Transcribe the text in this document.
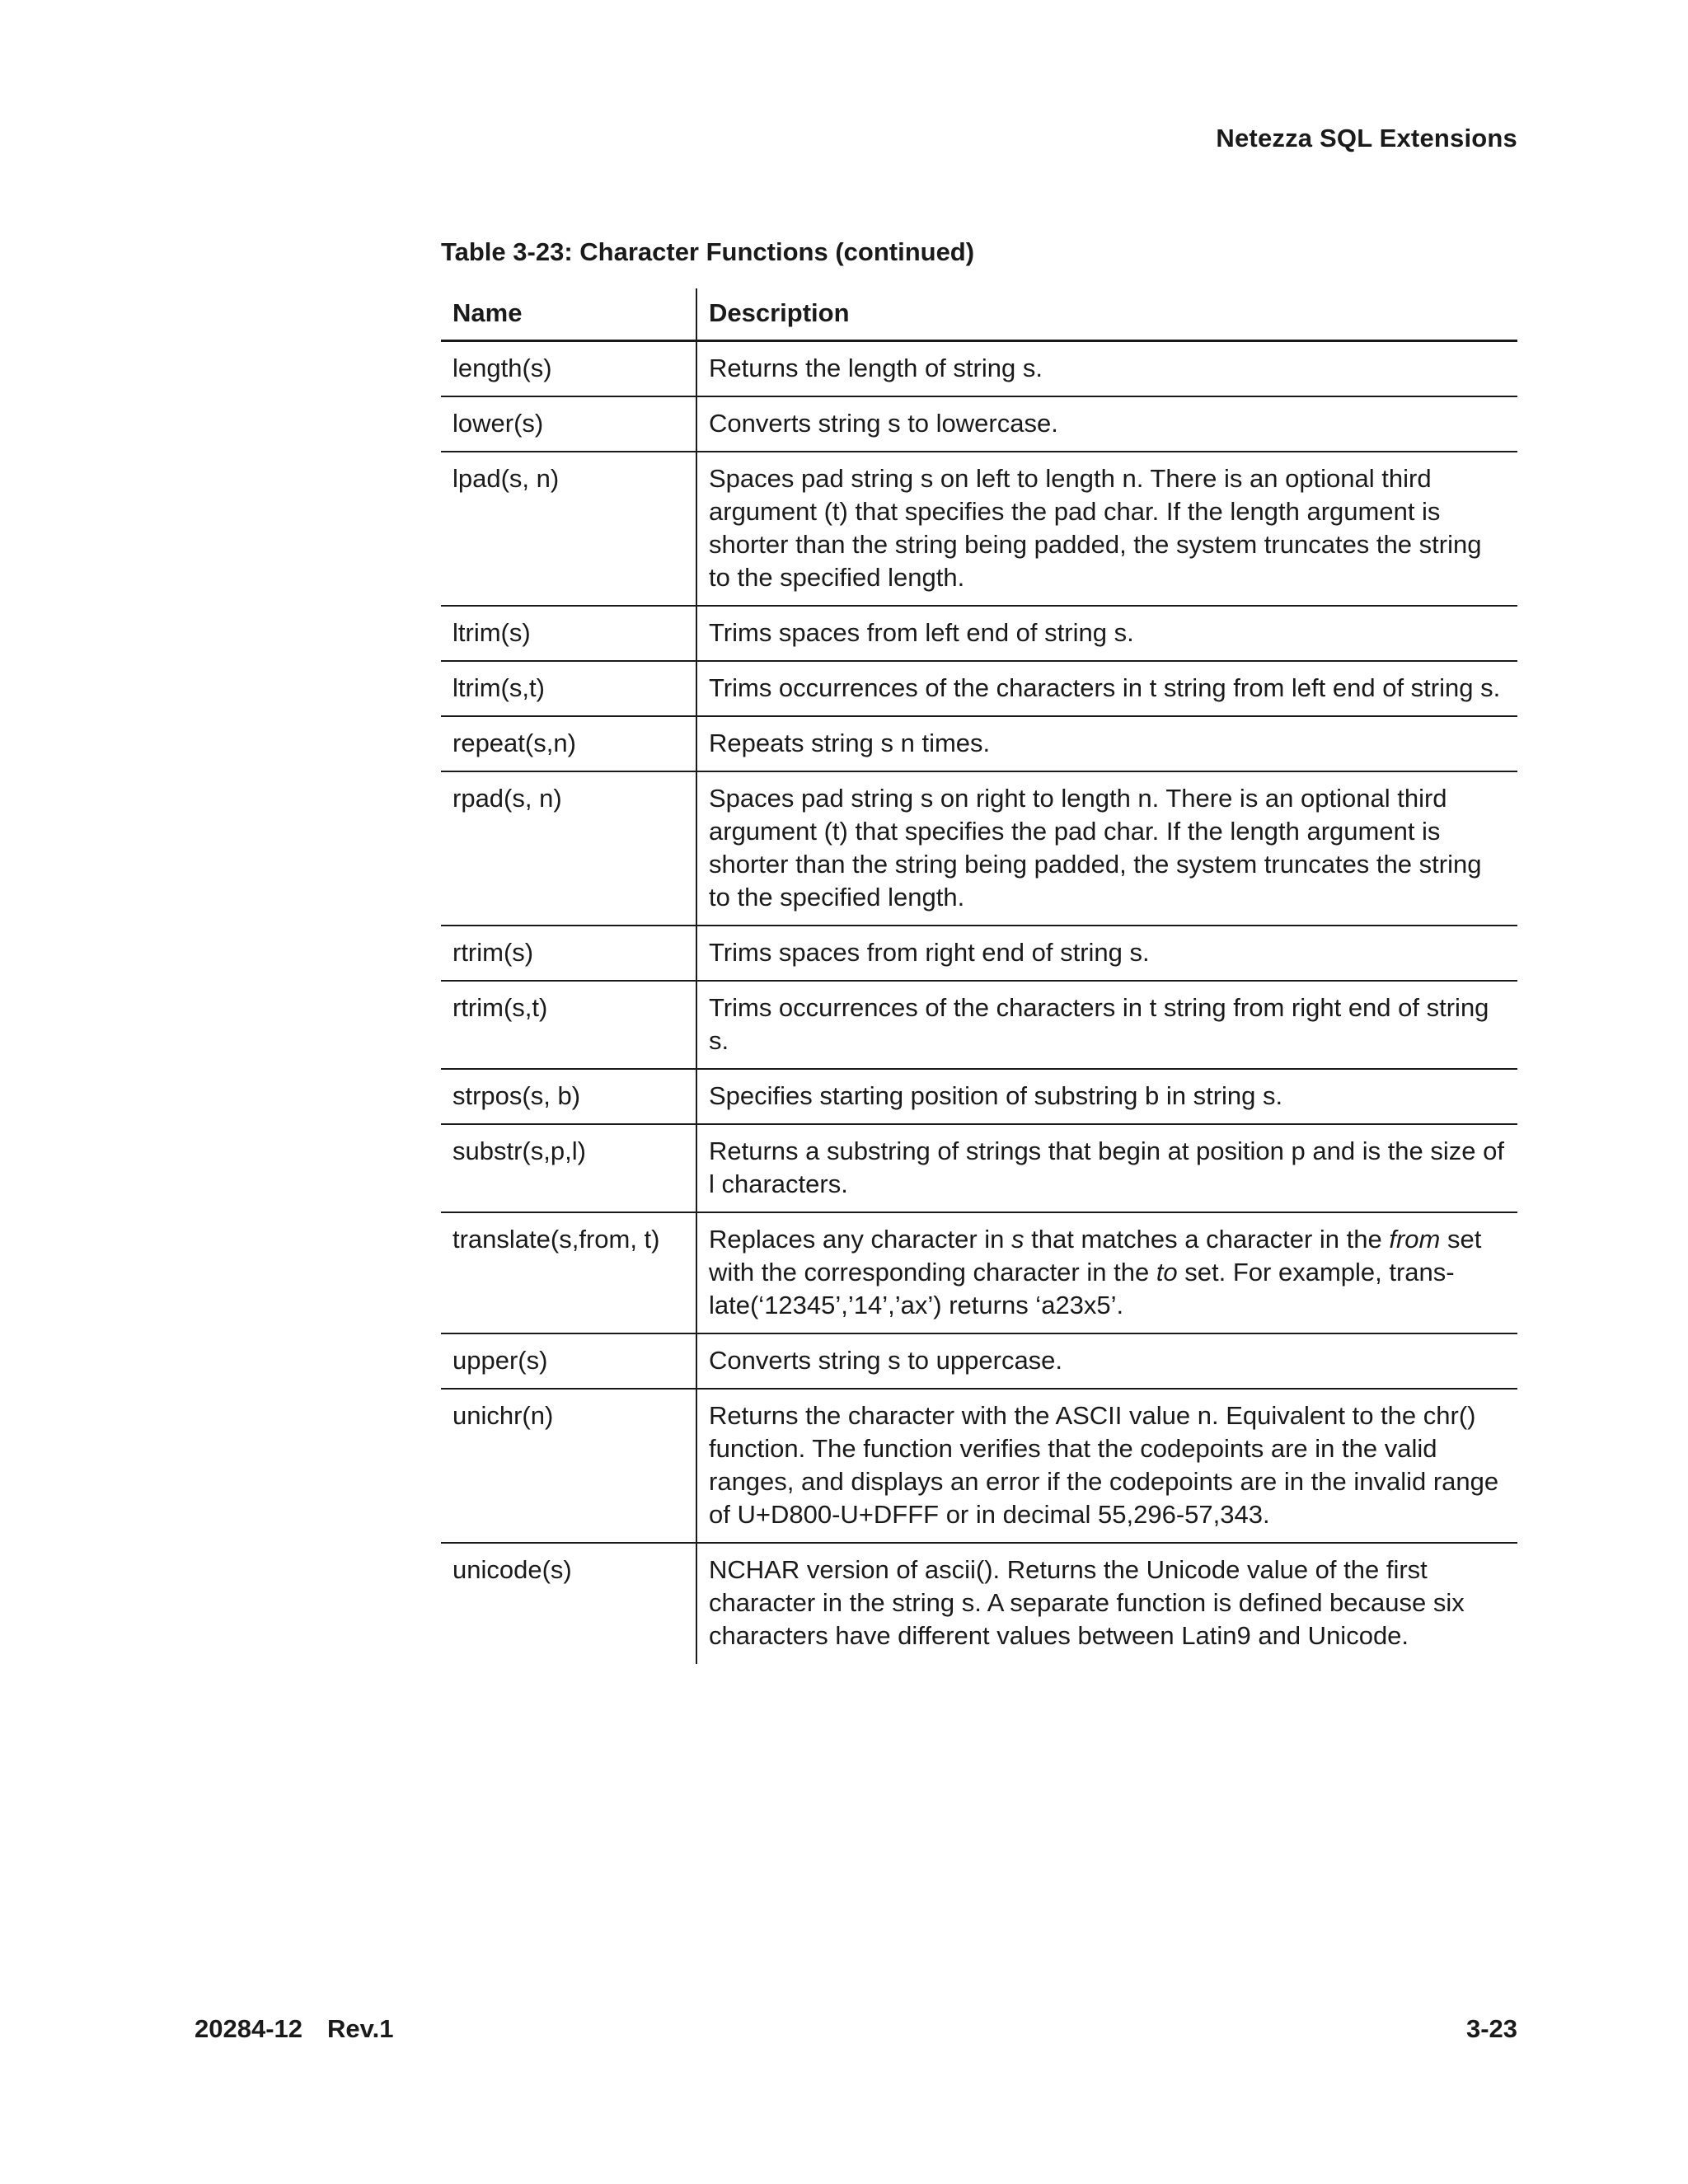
Netezza SQL Extensions
Table 3-23: Character Functions (continued)
Name	Description
length(s)	Returns the length of string s.
lower(s)	Converts string s to lowercase.
lpad(s, n)	Spaces pad string s on left to length n. There is an optional third argument (t) that specifies the pad char. If the length argument is shorter than the string being padded, the system truncates the string to the specified length.
ltrim(s)	Trims spaces from left end of string s.
ltrim(s,t)	Trims occurrences of the characters in t string from left end of string s.
repeat(s,n)	Repeats string s n times.
rpad(s, n)	Spaces pad string s on right to length n. There is an optional third argument (t) that specifies the pad char. If the length argument is shorter than the string being padded, the system truncates the string to the specified length.
rtrim(s)	Trims spaces from right end of string s.
rtrim(s,t)	Trims occurrences of the characters in t string from right end of string s.
strpos(s, b)	Specifies starting position of substring b in string s.
substr(s,p,l)	Returns a substring of strings that begin at position p and is the size of l characters.
translate(s,from, t)	Replaces any character in s that matches a character in the from set with the corresponding character in the to set. For example, trans-late(‘12345’,’14’,’ax’) returns ‘a23x5’.
upper(s)	Converts string s to uppercase.
unichr(n)	Returns the character with the ASCII value n. Equivalent to the chr() function. The function verifies that the codepoints are in the valid ranges, and displays an error if the codepoints are in the invalid range of U+D800-U+DFFF or in decimal 55,296-57,343.
unicode(s)	NCHAR version of ascii(). Returns the Unicode value of the first character in the string s. A separate function is defined because six characters have different values between Latin9 and Unicode.
20284-12 Rev.1	3-23
